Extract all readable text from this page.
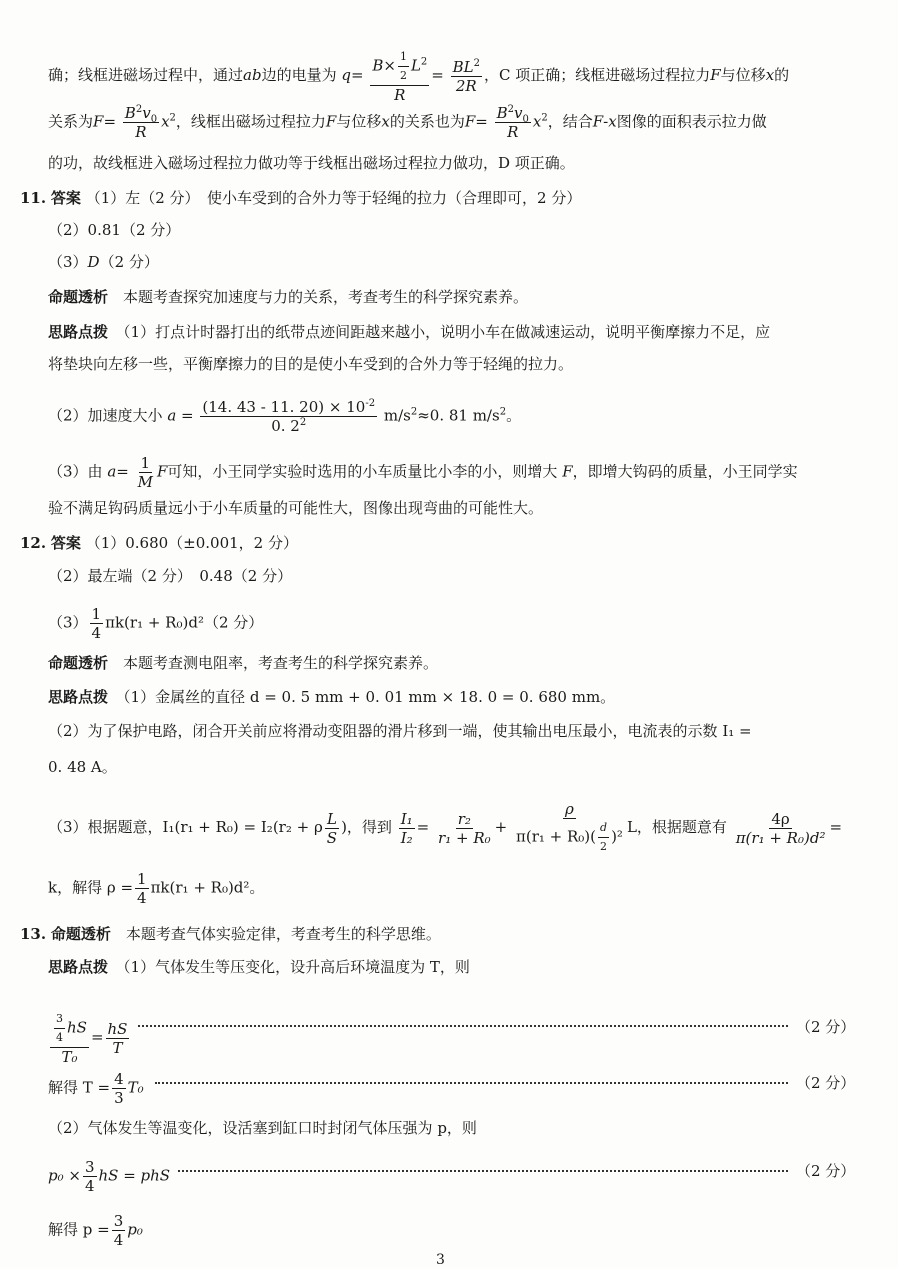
确；线框进磁场过程中，通过ab边的电量为 $q= \frac{B\times \frac{1}{2} L^2}{R} = \frac{BL^2}{2R}$ ，C 项正确；线框进磁场过程拉力F与位移x的
关系为$F= \frac{B^2v_0}{R} x^2$，线框出磁场过程拉力F与位移x的关系也为$F= \frac{B^2v_0}{R} x^2$，结合F-x图像的面积表示拉力做
的功，故线框进入磁场过程拉力做功等于线框出磁场过程拉力做功，D 项正确。
11. 答案 （1）左（2 分）　使小车受到的合外力等于轻绳的拉力（合理即可，2 分）
（2）0.81（2 分）
（3）D（2 分）
命题透析　 本题考查探究加速度与力的关系，考查考生的科学探究素养。
思路点拨　 （1）打点计时器打出的纸带点迹间距越来越小，说明小车在做减速运动，说明平衡摩擦力不足，应
将垫块向左移一些，平衡摩擦力的目的是使小车受到的合外力等于轻绳的拉力。
（2）加速度大小 $a = \frac{(14. 43 - 11. 20) \times 10^{-2}}{0. 2^2} m/s^2\approx 0$. 81 $m/s^2$。
（3）由 $a= \frac{1}{M}$ F可知，小王同学实验时选用的小车质量比小李的小，则增大 F，即增大钩码的质量，小王同学实
验不满足钩码质量远小于小车质量的可能性大，图像出现弯曲的可能性大。
12. 答案 （1）0.680（±0.001，2 分）
（2）最左端（2 分）　0.48（2 分）
$(3) \frac{1}{4} \pi k(r_1 + R_0)d^2(2$ 分）
命题透析　 本题考查测电阻率，考查考生的科学探究素养。
思路点拨　 （1）金属丝的直径 d = 0. 5 mm + 0. 01 mm × 18. 0 = 0. 680 mm。
（2）为了保护电路，闭合开关前应将滑动变阻器的滑片移到一端，使其输出电压最小，电流表的示数 I₁ =
0. 48 A。
（3）根据题意，I₁(r₁ + R₀) = I₂(r₂ + ρ $\frac{L}{S}$ )，得到 $\frac{\text{I₁}}{\text{I₂}} = \frac{\text{r₂}}{\text{r₁ + R₀}} + \frac{\rho}{\pi(r_1 + R_0)( \frac{d}{2} )^2}$ L，根据题意有 $\frac{4\rho}{\text{π(r₁ + R₀)d²}}$ =
k，解得 $\rho = \frac{1}{4} \pi k(r_1 + R_0)d^2$。
13. 命题透析　 本题考查气体实验定律，考查考生的科学思维。
思路点拨　 （1）气体发生等压变化，设升高后环境温度为 T，则
$\frac{\frac{3}{4} hS}{\text{T₀}} = \frac{hS}{T}$	（2 分）
解得 $T = \frac{4}{3} T_0$	（2 分）
（2）气体发生等温变化，设活塞到缸口时封闭气体压强为 p，则
$p_0 \times \frac{3}{4}$ hS = phS	（2 分）
解得 $p = \frac{3}{4} p_0$
3
